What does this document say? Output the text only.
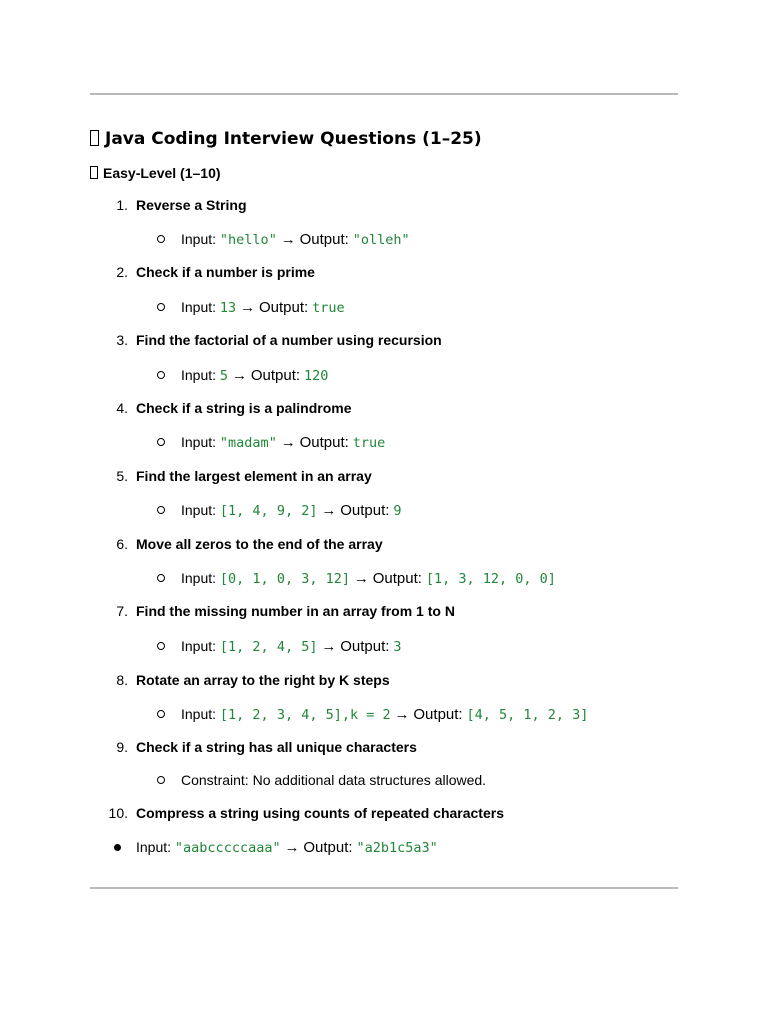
Java Coding Interview Questions (1–25)
Easy-Level (1–10)
1. Reverse a String
Input: "hello" → Output: "olleh"
2. Check if a number is prime
Input: 13 → Output: true
3. Find the factorial of a number using recursion
Input: 5 → Output: 120
4. Check if a string is a palindrome
Input: "madam" → Output: true
5. Find the largest element in an array
Input: [1, 4, 9, 2] → Output: 9
6. Move all zeros to the end of the array
Input: [0, 1, 0, 3, 12] → Output: [1, 3, 12, 0, 0]
7. Find the missing number in an array from 1 to N
Input: [1, 2, 4, 5] → Output: 3
8. Rotate an array to the right by K steps
Input: [1, 2, 3, 4, 5],k = 2 → Output: [4, 5, 1, 2, 3]
9. Check if a string has all unique characters
Constraint: No additional data structures allowed.
10. Compress a string using counts of repeated characters
Input: "aabcccccaaa" → Output: "a2b1c5a3"
